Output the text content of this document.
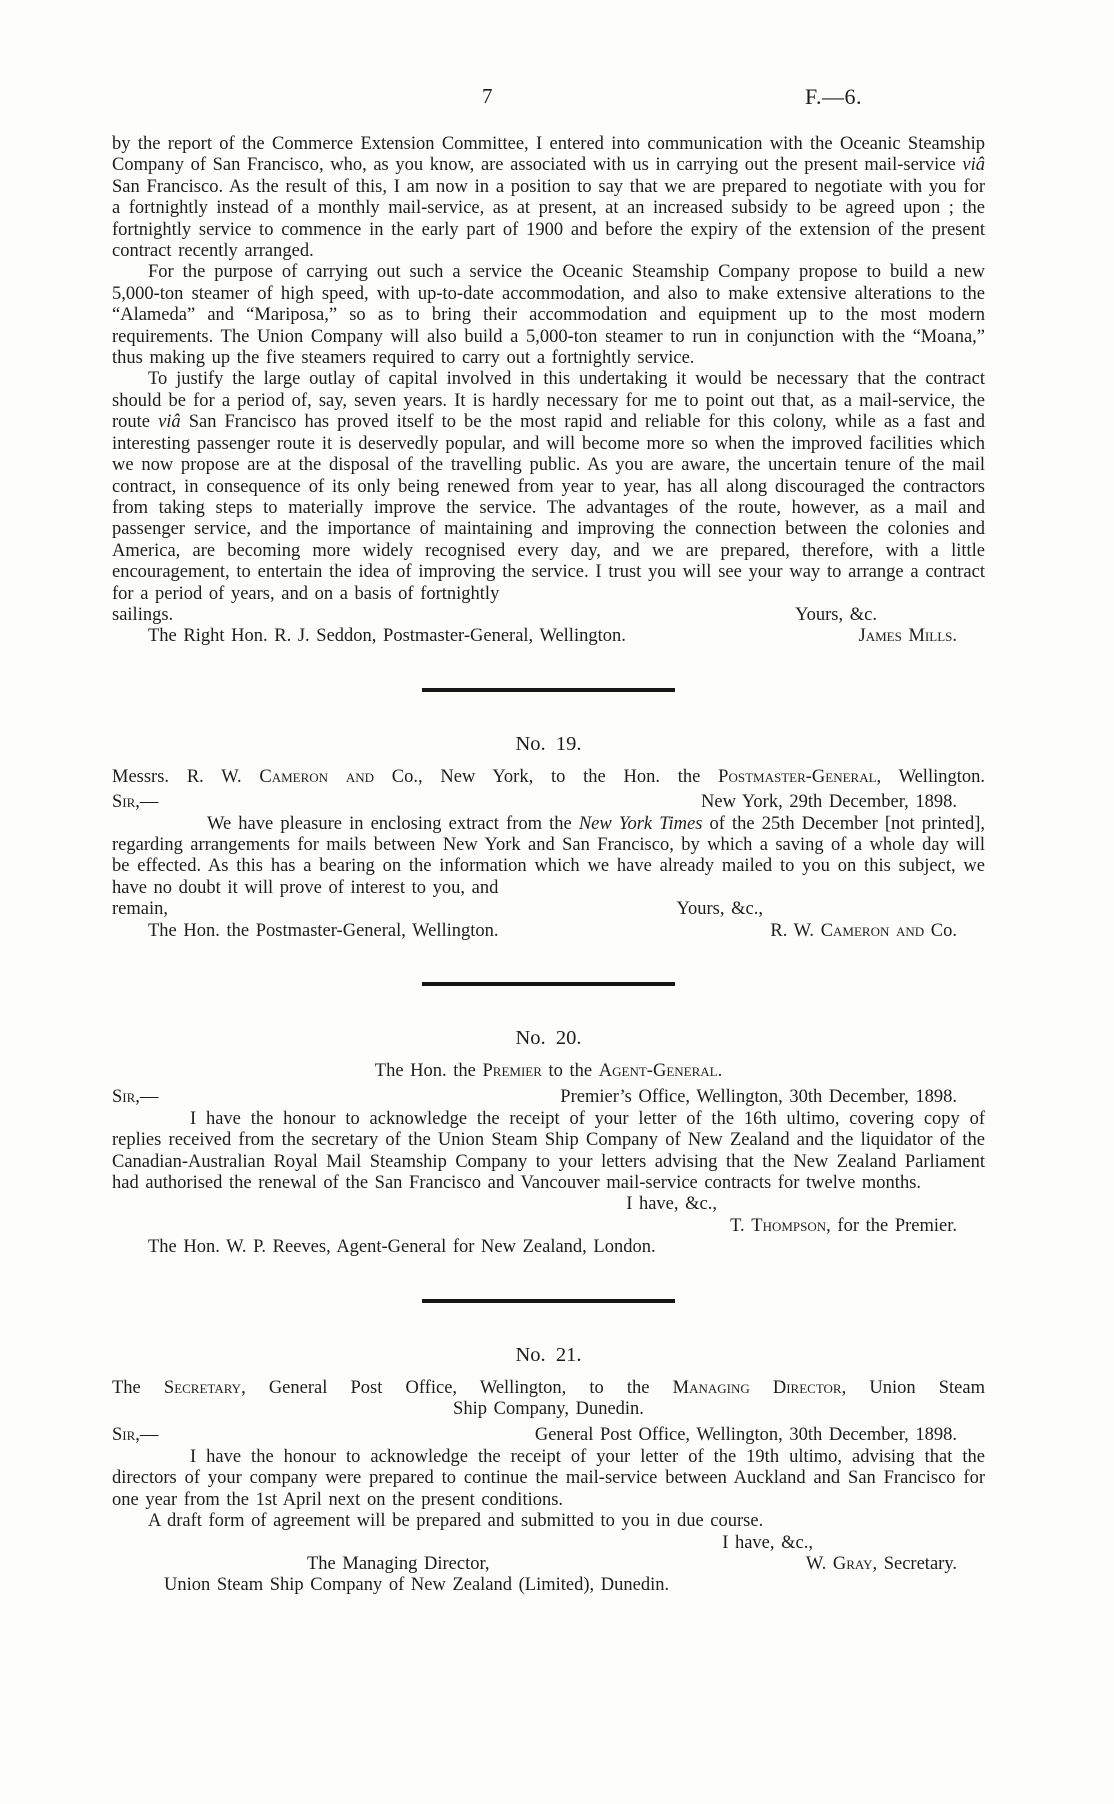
7	F.—6.

by the report of the Commerce Extension Committee, I entered into communication with the Oceanic Steamship Company of San Francisco, who, as you know, are associated with us in carrying out the present mail-service viâ San Francisco. As the result of this, I am now in a position to say that we are prepared to negotiate with you for a fortnightly instead of a monthly mail-service, as at present, at an increased subsidy to be agreed upon ; the fortnightly service to commence in the early part of 1900 and before the expiry of the extension of the present contract recently arranged.

For the purpose of carrying out such a service the Oceanic Steamship Company propose to build a new 5,000-ton steamer of high speed, with up-to-date accommodation, and also to make extensive alterations to the “Alameda” and “Mariposa,” so as to bring their accommodation and equipment up to the most modern requirements. The Union Company will also build a 5,000-ton steamer to run in conjunction with the “Moana,” thus making up the five steamers required to carry out a fortnightly service.

To justify the large outlay of capital involved in this undertaking it would be necessary that the contract should be for a period of, say, seven years. It is hardly necessary for me to point out that, as a mail-service, the route viâ San Francisco has proved itself to be the most rapid and reliable for this colony, while as a fast and interesting passenger route it is deservedly popular, and will become more so when the improved facilities which we now propose are at the disposal of the travelling public. As you are aware, the uncertain tenure of the mail contract, in consequence of its only being renewed from year to year, has all along discouraged the contractors from taking steps to materially improve the service. The advantages of the route, however, as a mail and passenger service, and the importance of maintaining and improving the connection between the colonies and America, are becoming more widely recognised every day, and we are prepared, therefore, with a little encouragement, to entertain the idea of improving the service. I trust you will see your way to arrange a contract for a period of years, and on a basis of fortnightly

sailings.	Yours, &c.
The Right Hon. R. J. Seddon, Postmaster-General, Wellington.	James Mills.
No. 19.

Messrs. R. W. Cameron and Co., New York, to the Hon. the Postmaster-General, Wellington.

Sir,—	New York, 29th December, 1898.

We have pleasure in enclosing extract from the New York Times of the 25th December [not printed], regarding arrangements for mails between New York and San Francisco, by which a saving of a whole day will be effected. As this has a bearing on the information which we have already mailed to you on this subject, we have no doubt it will prove of interest to you, and

remain,	Yours, &c.,
The Hon. the Postmaster-General, Wellington.	R. W. Cameron and Co.
No. 20.

The Hon. the Premier to the Agent-General.

Sir,—	Premier’s Office, Wellington, 30th December, 1898.

I have the honour to acknowledge the receipt of your letter of the 16th ultimo, covering copy of replies received from the secretary of the Union Steam Ship Company of New Zealand and the liquidator of the Canadian-Australian Royal Mail Steamship Company to your letters advising that the New Zealand Parliament had authorised the renewal of the San Francisco and Vancouver mail-service contracts for twelve months.

I have, &c.,
T. Thompson, for the Premier.
The Hon. W. P. Reeves, Agent-General for New Zealand, London.
No. 21.

The Secretary, General Post Office, Wellington, to the Managing Director, Union Steam

Ship Company, Dunedin.

Sir,—	General Post Office, Wellington, 30th December, 1898.

I have the honour to acknowledge the receipt of your letter of the 19th ultimo, advising that the directors of your company were prepared to continue the mail-service between Auckland and San Francisco for one year from the 1st April next on the present conditions.

A draft form of agreement will be prepared and submitted to you in due course.

I have, &c.,
The Managing Director,	W. Gray, Secretary.
Union Steam Ship Company of New Zealand (Limited), Dunedin.
